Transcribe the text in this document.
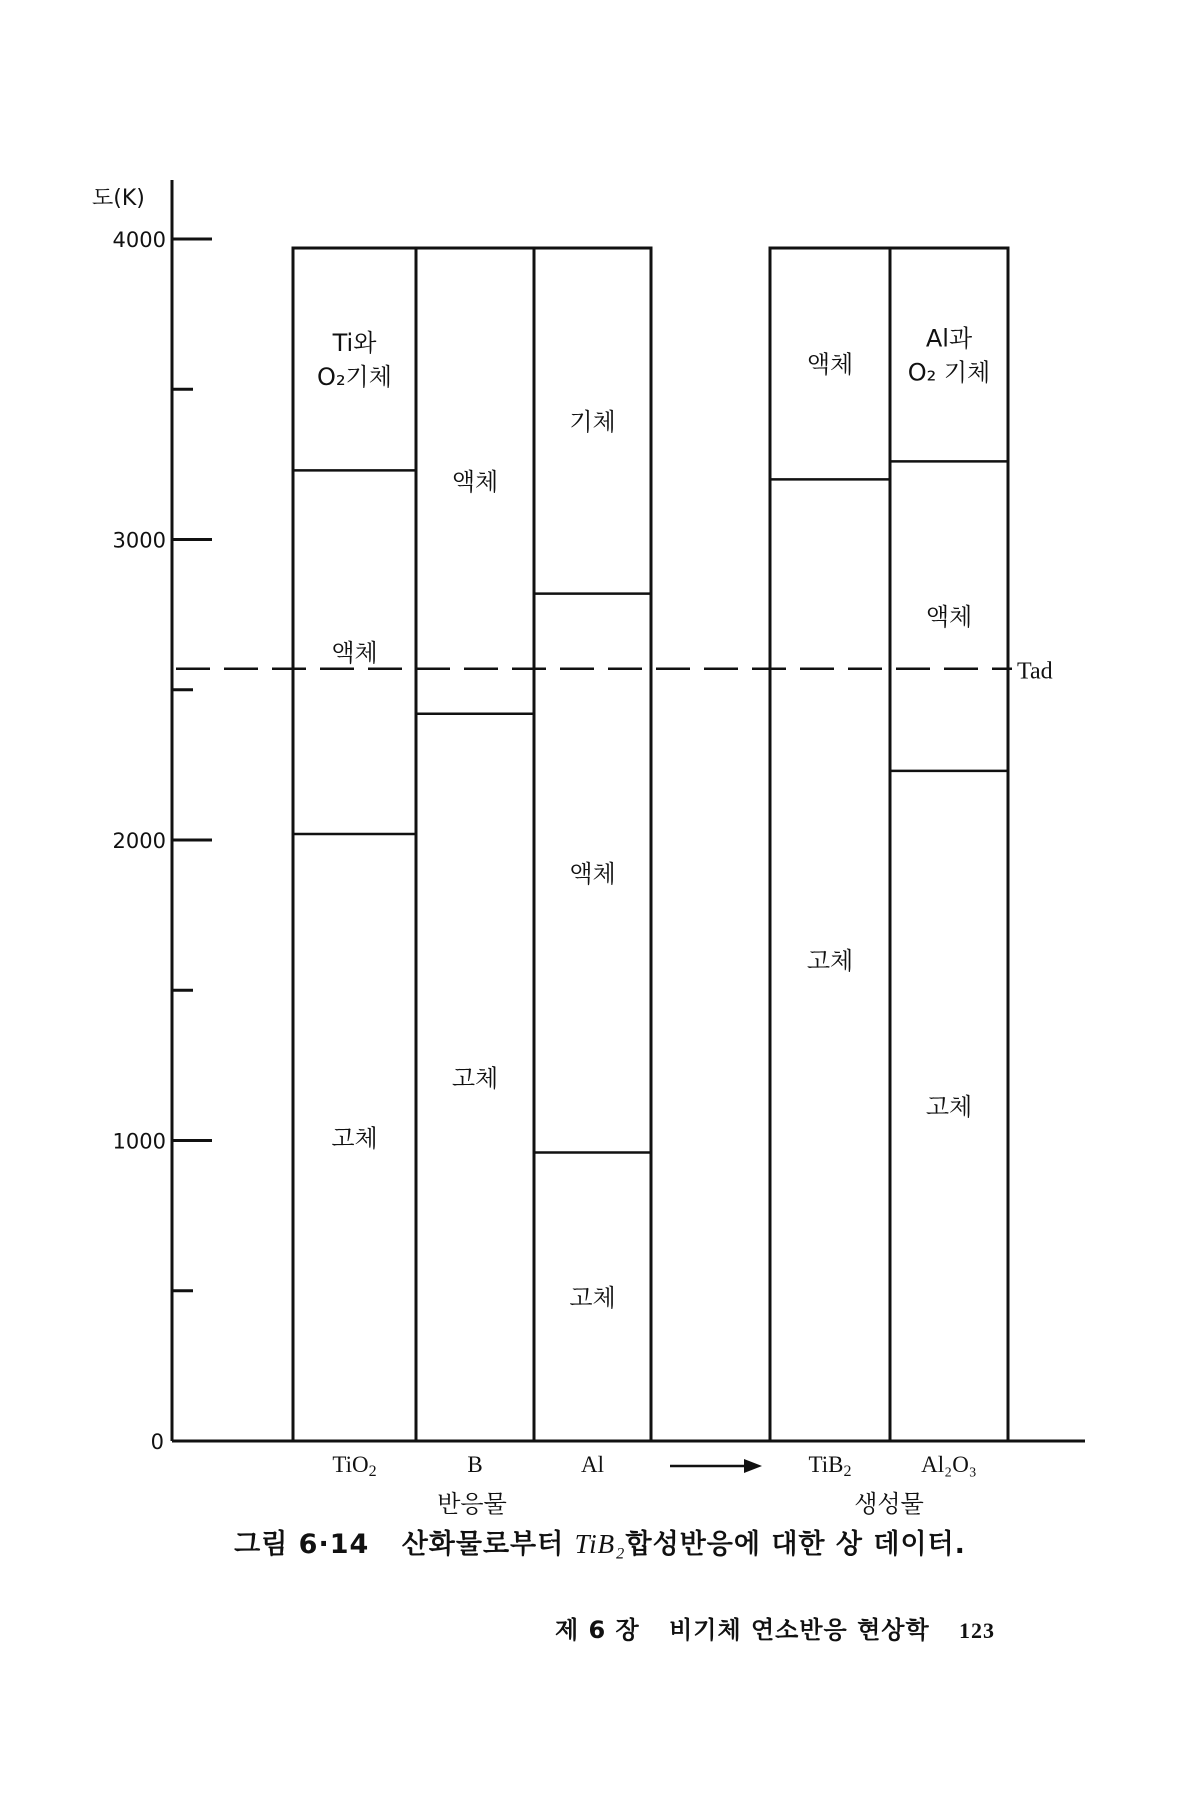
도(K)
0
1000
2000
3000
4000
고체
액체
Ti와
O₂기체
고체
액체
고체
액체
기체
고체
액체
고체
액체
Al과
O₂ 기체
Tad
TiO2	B	Al	TiB2	Al₂O₃
반응물	생성물
그림 6·14 산화물로부터 TiB₂합성반응에 대한 상 데이터.
제 6 장 비기체 연소반응 현상학 123
